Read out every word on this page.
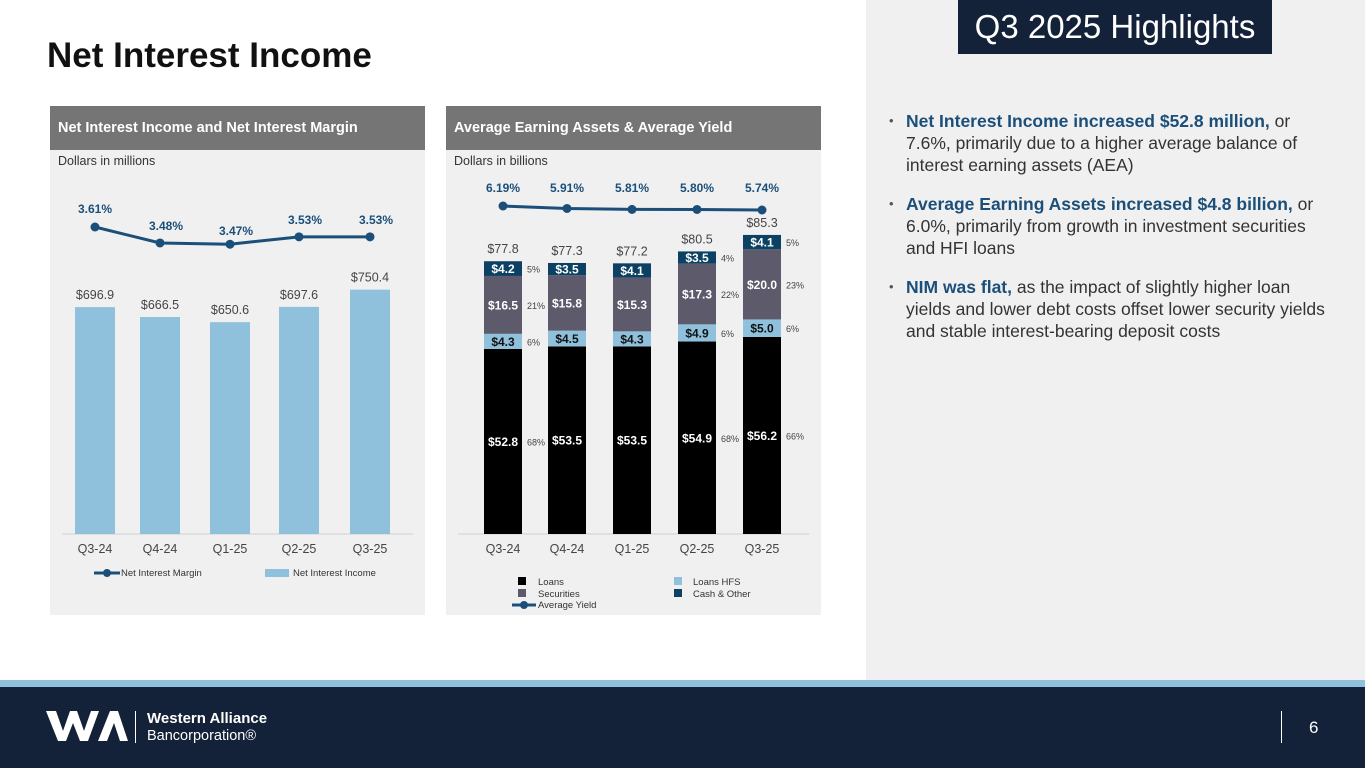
Q3 2025 Highlights
Net Interest Income
Net Interest Income and Net Interest Margin
Dollars in millions
$696.9
Q3-24
$666.5
Q4-24
$650.6
Q1-25
$697.6
Q2-25
$750.4
Q3-25
3.61%
3.48%	3.47%
3.53%	3.53%
Net Interest Margin	Net Interest Income
Average Earning Assets & Average Yield
Dollars in billions
$52.8 68%
$4.3 6%
$16.5 21%
$4.2 5%
$77.8
Q3-24
$53.5
$4.5
$15.8
$3.5
$77.3
Q4-24
$53.5
$4.3
$15.3
$4.1
$77.2
Q1-25
$54.9 68%
$4.9 6%
$17.3 22%
$3.5 4%
$80.5
Q2-25
$56.2 66%
$5.0 6%
$20.0 23%
$4.1 5%
$85.3
Q3-25
6.19% 5.91%	5.81%	5.80%	5.74%
Loans	Loans HFS
Securities	Cash & Other
Average Yield
• Net Interest Income increased $52.8 million, or 7.6%, primarily due to a higher average balance of interest earning assets (AEA)
• Average Earning Assets increased $4.8 billion, or 6.0%, primarily from growth in investment securities and HFI loans
• NIM was flat, as the impact of slightly higher loan yields and lower debt costs offset lower security yields and stable interest-bearing deposit costs
Western Alliance
Bancorporation®	6
